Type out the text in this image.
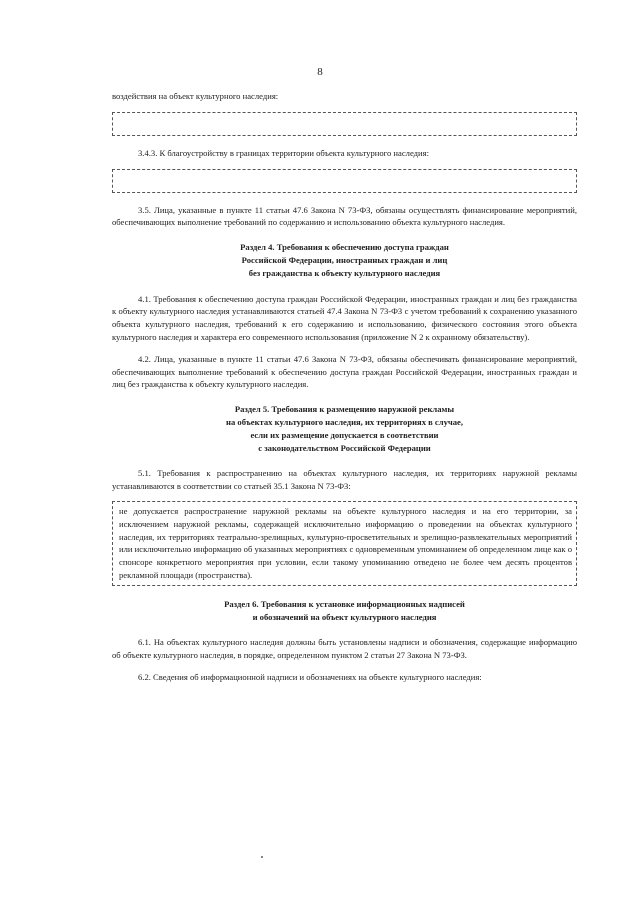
8

воздействия на объект культурного наследия:

3.4.3. К благоустройству в границах территории объекта культурного наследия:

3.5. Лица, указанные в пункте 11 статьи 47.6 Закона N 73-ФЗ, обязаны осуществлять финансирование мероприятий, обеспечивающих выполнение требований по содержанию и использованию объекта культурного наследия.

Раздел 4. Требования к обеспечению доступа граждан
Российской Федерации, иностранных граждан и лиц
без гражданства к объекту культурного наследия

4.1. Требования к обеспечению доступа граждан Российской Федерации, иностранных граждан и лиц без гражданства к объекту культурного наследия устанавливаются статьей 47.4 Закона N 73-ФЗ с учетом требований к сохранению указанного объекта культурного наследия, требований к его содержанию и использованию, физического состояния этого объекта культурного наследия и характера его современного использования (приложение N 2 к охранному обязательству).

4.2. Лица, указанные в пункте 11 статьи 47.6 Закона N 73-ФЗ, обязаны обеспечивать финансирование мероприятий, обеспечивающих выполнение требований к обеспечению доступа граждан Российской Федерации, иностранных граждан и лиц без гражданства к объекту культурного наследия.

Раздел 5. Требования к размещению наружной рекламы
на объектах культурного наследия, их территориях в случае,
если их размещение допускается в соответствии
с законодательством Российской Федерации

5.1. Требования к распространению на объектах культурного наследия, их территориях наружной рекламы устанавливаются в соответствии со статьей 35.1 Закона N 73-ФЗ:

не допускается распространение наружной рекламы на объекте культурного наследия и на его территории, за исключением наружной рекламы, содержащей исключительно информацию о проведении на объектах культурного наследия, их территориях театрально-зрелищных, культурно-просветительных и зрелищно-развлекательных мероприятий или исключительно информацию об указанных мероприятиях с одновременным упоминанием об определенном лице как о спонсоре конкретного мероприятия при условии, если такому упоминанию отведено не более чем десять процентов рекламной площади (пространства).

Раздел 6. Требования к установке информационных надписей
и обозначений на объект культурного наследия

6.1. На объектах культурного наследия должны быть установлены надписи и обозначения, содержащие информацию об объекте культурного наследия, в порядке, определенном пунктом 2 статьи 27 Закона N 73-ФЗ.

6.2. Сведения об информационной надписи и обозначениях на объекте культурного наследия:
